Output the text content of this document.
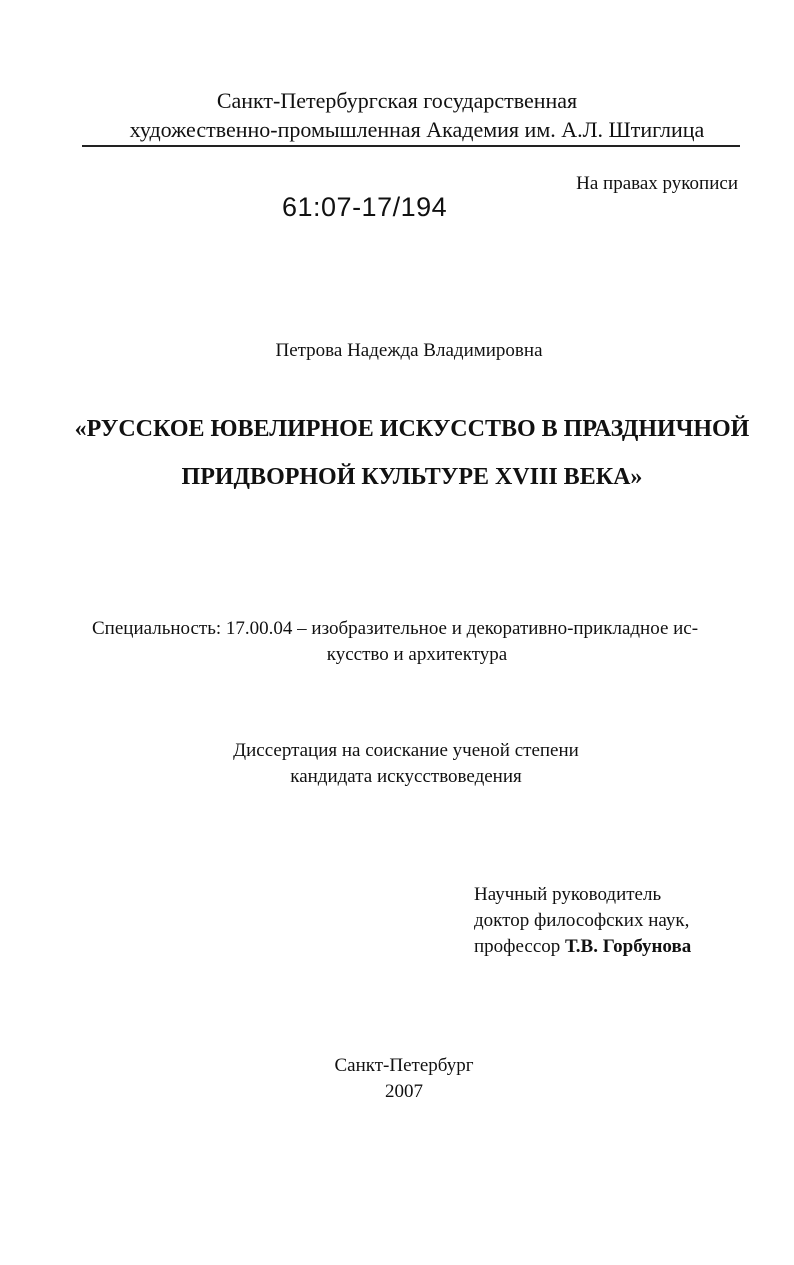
Санкт-Петербургская государственная
художественно-промышленная Академия им. А.Л. Штиглица
На правах рукописи
61:07-17/194
Петрова Надежда Владимировна
«РУССКОЕ ЮВЕЛИРНОЕ ИСКУССТВО В ПРАЗДНИЧНОЙ
ПРИДВОРНОЙ КУЛЬТУРЕ XVIII ВЕКА»
Специальность: 17.00.04 – изобразительное и декоративно-прикладное ис-
кусство и архитектура
Диссертация на соискание ученой степени
кандидата искусствоведения
Научный руководитель
доктор философских наук,
профессор Т.В. Горбунова
Санкт-Петербург
2007
